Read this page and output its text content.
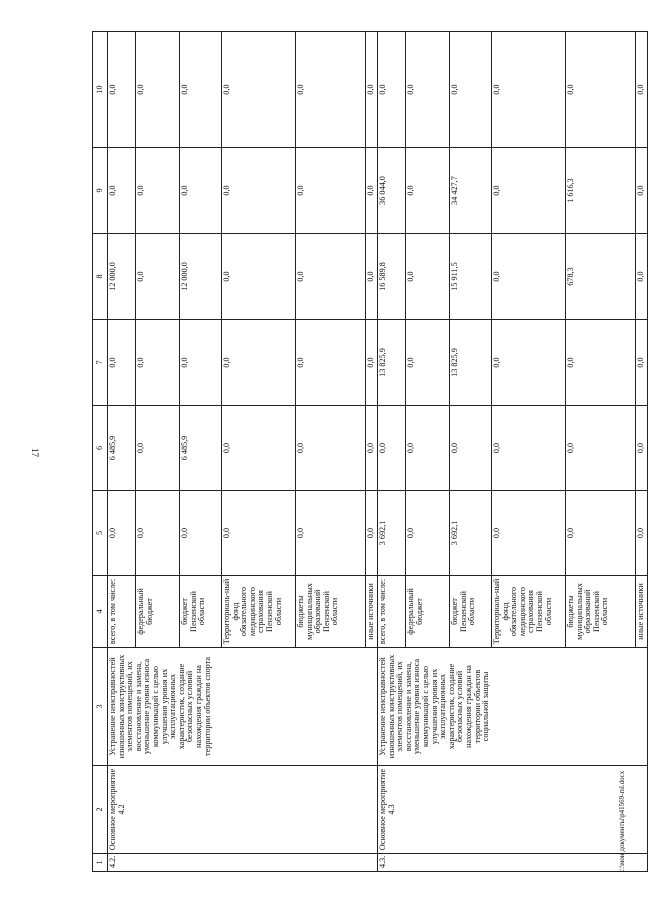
17
1	2	3	4	5	6	7	8	9	10
4.2.	Основное мероприятие 4.2	Устранение неисправностей изношенных конструктивных элементов помещений, их восстановление и замена, уменьшение уровня износа коммуникаций с целью улучшения уровня их эксплуатационных характеристик, создание безопасных условий нахождения граждан на территории объектов спорта	всего, в том числе:	0,0	6 485,9	0,0	12 000,0	0,0	0,0
			федеральный бюджет	0,0	0,0	0,0	0,0	0,0	0,0
			бюджет Пензенской области	0,0	6 485,9	0,0	12 000,0	0,0	0,0
			Территориаль-ный фонд обязательного медицинского страхования Пензенской области	0,0	0,0	0,0	0,0	0,0	0,0
			бюджеты муниципальных образований Пензенской области	0,0	0,0	0,0	0,0	0,0	0,0
			иные источники	0,0	0,0	0,0	0,0	0,0	0,0
4.3.	Основное мероприятие 4.3	Устранение неисправностей изношенных конструктивных элементов помещений, их восстановление и замена, уменьшение уровня износа коммуникаций с целью улучшения уровня их эксплуатационных характеристик, создание безопасных условий нахождения граждан на территории объектов социальной защиты	всего, в том числе:	3 692,1	0,0	13 825,9	16 589,8	36 044,0	0,0
			федеральный бюджет	0,0	0,0	0,0	0,0	0,0	0,0
			бюджет Пензенской области	3 692,1	0,0	13 825,9	15 911,5	34 427,7	0,0
			Территориаль-ный фонд обязательного медицинского страхования Пензенской области	0,0	0,0	0,0	0,0	0,0	0,0
			бюджеты муниципальных образований Пензенской области	0,0	0,0	0,0	678,3	1 616,3	0,0
			иные источники	0,0	0,0	0,0	0,0	0,0	0,0
c:\мои документы\p41569-ml.docx
